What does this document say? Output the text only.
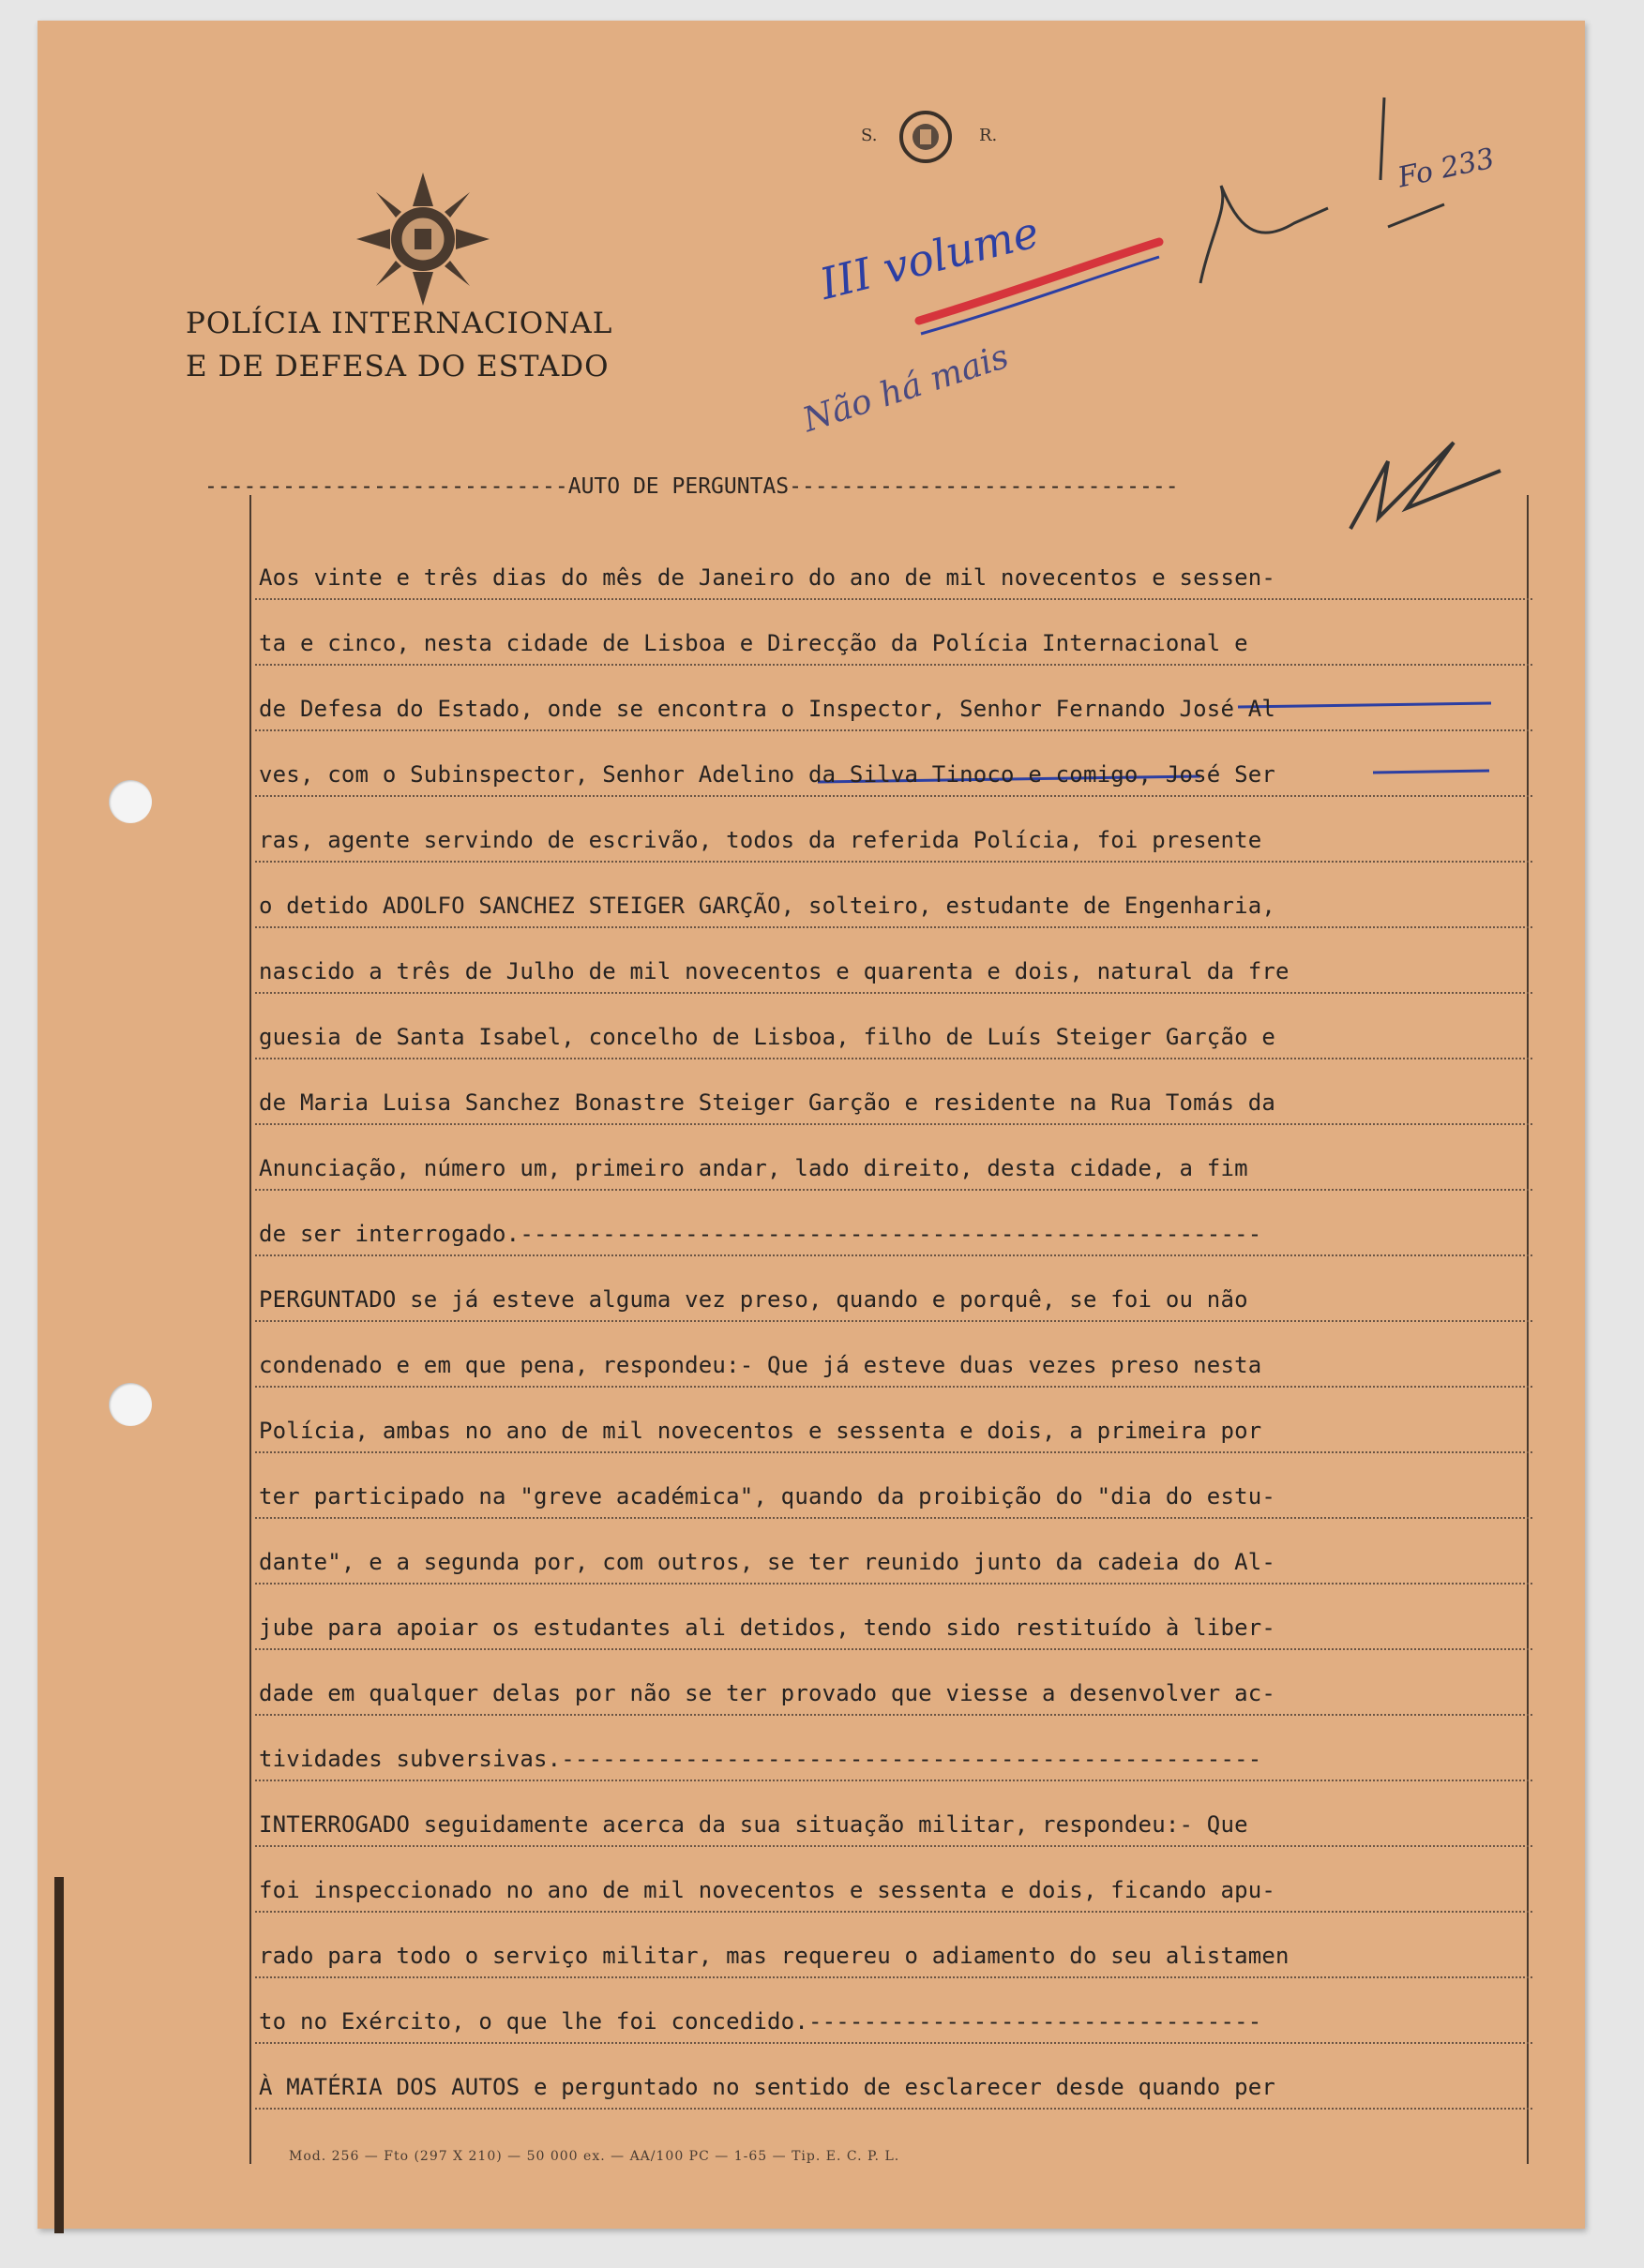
POLÍCIA INTERNACIONAL
E DE DEFESA DO ESTADO
S.	R.
III volume
Não há mais
Fo 233
----------------------------AUTO DE PERGUNTAS------------------------------
Aos vinte e três dias do mês de Janeiro do ano de mil novecentos e sessen-
ta e cinco, nesta cidade de Lisboa e Direcção da Polícia Internacional e
de Defesa do Estado, onde se encontra o Inspector, Senhor Fernando José Al
ves, com o Subinspector, Senhor Adelino da Silva Tinoco e comigo, José Ser
ras, agente servindo de escrivão, todos da referida Polícia, foi presente
o detido ADOLFO SANCHEZ STEIGER GARÇÃO, solteiro, estudante de Engenharia,
nascido a três de Julho de mil novecentos e quarenta e dois, natural da fre
guesia de Santa Isabel, concelho de Lisboa, filho de Luís Steiger Garção e
de Maria Luisa Sanchez Bonastre Steiger Garção e residente na Rua Tomás da
Anunciação, número um, primeiro andar, lado direito, desta cidade, a fim
de ser interrogado.------------------------------------------------------
PERGUNTADO se já esteve alguma vez preso, quando e porquê, se foi ou não
condenado e em que pena, respondeu:- Que já esteve duas vezes preso nesta
Polícia, ambas no ano de mil novecentos e sessenta e dois, a primeira por
ter participado na "greve académica", quando da proibição do "dia do estu-
dante", e a segunda por, com outros, se ter reunido junto da cadeia do Al-
jube para apoiar os estudantes ali detidos, tendo sido restituído à liber-
dade em qualquer delas por não se ter provado que viesse a desenvolver ac-
tividades subversivas.---------------------------------------------------
INTERROGADO seguidamente acerca da sua situação militar, respondeu:- Que
foi inspeccionado no ano de mil novecentos e sessenta e dois, ficando apu-
rado para todo o serviço militar, mas requereu o adiamento do seu alistamen
to no Exército, o que lhe foi concedido.---------------------------------
À MATÉRIA DOS AUTOS e perguntado no sentido de esclarecer desde quando per
Mod. 256 — Fto (297 X 210) — 50 000 ex. — AA/100 PC — 1-65 — Tip. E. C. P. L.
